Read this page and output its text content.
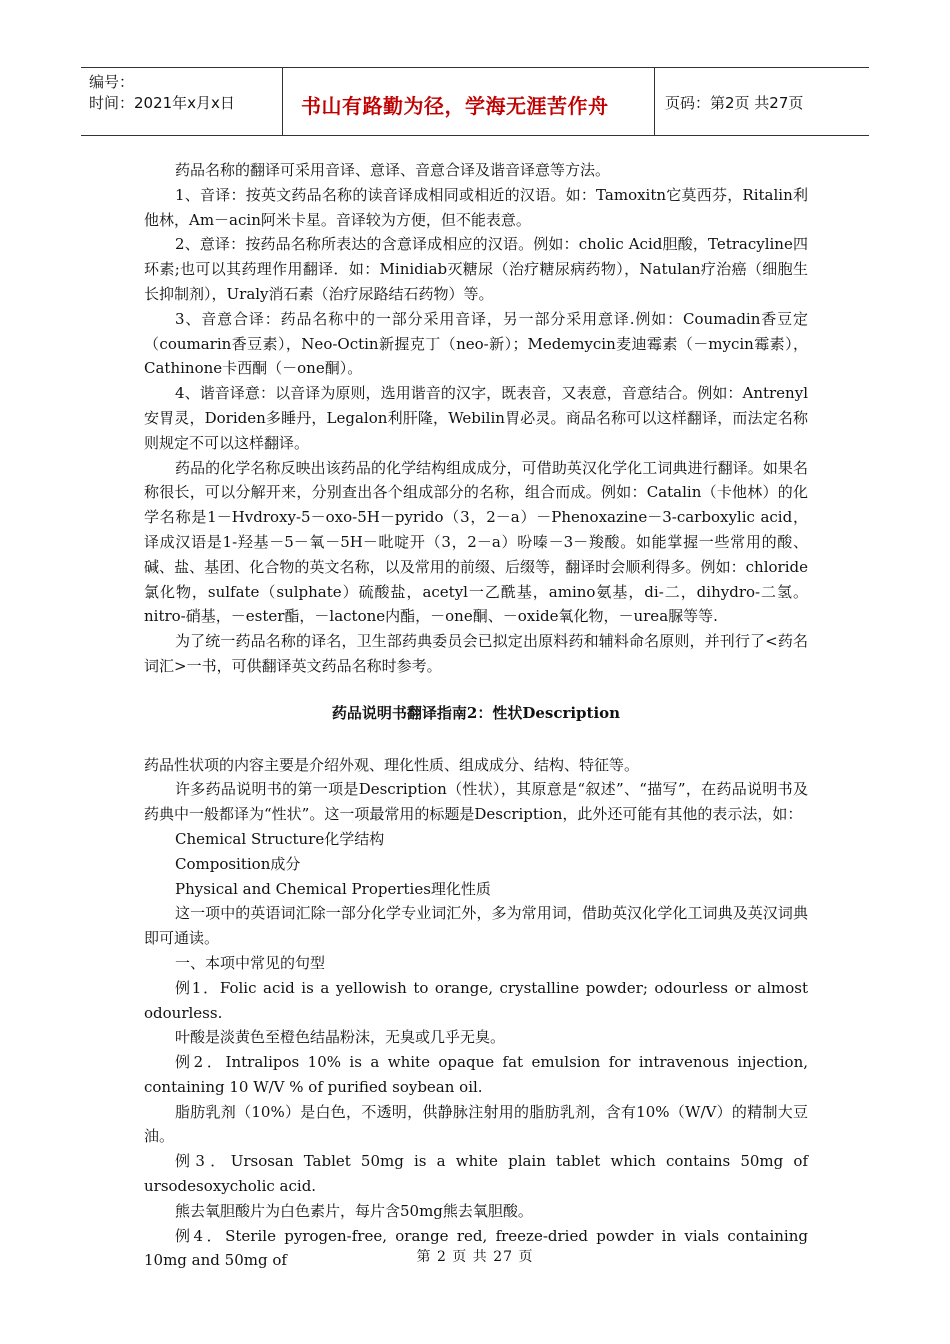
编号：
时间：2021年x月x日	书山有路勤为径，学海无涯苦作舟	页码：第2页 共27页

药品名称的翻译可采用音译、意译、音意合译及谐音译意等方法。

1、音译：按英文药品名称的读音译成相同或相近的汉语。如：Tamoxitn它莫西芬，Ritalin利他林，Am－acin阿米卡星。音译较为方便，但不能表意。

2、意译：按药品名称所表达的含意译成相应的汉语。例如：cholic Acid胆酸，Tetracyline四环素;也可以其药理作用翻译．如：Minidiab灭糖尿（治疗糖尿病药物），Natulan疗治癌（细胞生长抑制剂），Uraly消石素（治疗尿路结石药物）等。

3、音意合译：药品名称中的一部分采用音译，另一部分采用意译.例如：Coumadin香豆定（coumarin香豆素），Neo-Octin新握克丁（neo-新）；Medemycin麦迪霉素（－mycin霉素），Cathinone卡西酮（－one酮）。

4、谐音译意：以音译为原则，选用谐音的汉字，既表音，又表意，音意结合。例如：Antrenyl安胃灵，Doriden多睡丹，Legalon利肝隆，Webilin胃必灵。商品名称可以这样翻译，而法定名称则规定不可以这样翻译。

药品的化学名称反映出该药品的化学结构组成成分，可借助英汉化学化工词典进行翻译。如果名称很长，可以分解开来，分别查出各个组成部分的名称，组合而成。例如：Catalin（卡他林）的化学名称是1－Hvdroxy-5－oxo-5H－pyrido（3，2－a）－Phenoxazine－3-carboxylic acid，译成汉语是1-羟基－5－氧－5H－吡啶开（3，2－a）吩嗪－3－羧酸。如能掌握一些常用的酸、碱、盐、基团、化合物的英文名称，以及常用的前缀、后缀等，翻译时会顺利得多。例如：chloride氯化物，sulfate（sulphate）硫酸盐，acetyl一乙酰基，amino氨基，di-二，dihydro-二氢。nitro-硝基，－ester酯，－lactone内酯，－one酮、－oxide氧化物，－urea脲等等.

为了统一药品名称的译名，卫生部药典委员会已拟定出原料药和辅料命名原则，并刊行了<药名词汇>一书，可供翻译英文药品名称时参考。

药品说明书翻译指南2：性状Description

药品性状项的内容主要是介绍外观、理化性质、组成成分、结构、特征等。

许多药品说明书的第一项是Description（性状），其原意是“叙述”、“描写”，在药品说明书及药典中一般都译为“性状”。这一项最常用的标题是Description，此外还可能有其他的表示法，如：

Chemical Structure化学结构

Composition成分

Physical and Chemical Properties理化性质

这一项中的英语词汇除一部分化学专业词汇外，多为常用词，借助英汉化学化工词典及英汉词典即可通读。

一、本项中常见的句型

例1．Folic acid is a yellowish to orange, crystalline powder; odourless or almost odourless.

叶酸是淡黄色至橙色结晶粉沫，无臭或几乎无臭。

例2．Intralipos 10% is a white opaque fat emulsion for intravenous injection, containing 10 W/V % of purified soybean oil.

脂肪乳剂（10%）是白色，不透明，供静脉注射用的脂肪乳剂，含有10%（W/V）的精制大豆油。

例3．Ursosan Tablet 50mg is a white plain tablet which contains 50mg of ursodesoxycholic acid.

熊去氧胆酸片为白色素片，每片含50mg熊去氧胆酸。

例4．Sterile pyrogen-free, orange red, freeze-dried powder in vials containing 10mg and 50mg of	第 2 页 共 27 页
